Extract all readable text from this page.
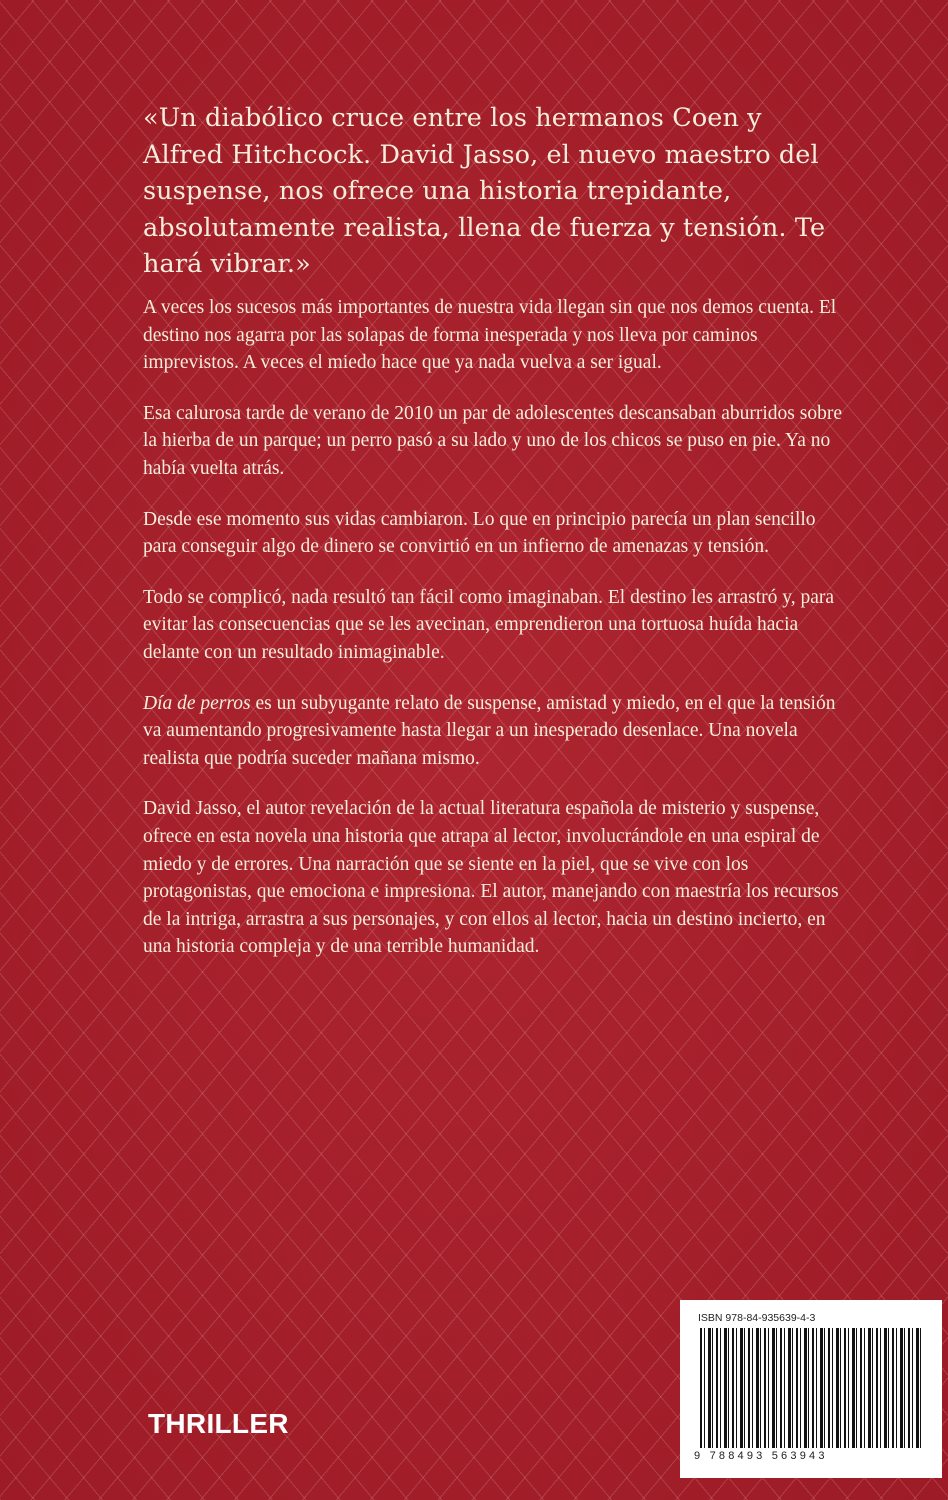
«Un diabólico cruce entre los hermanos Coen y Alfred Hitchcock. David Jasso, el nuevo maestro del suspense, nos ofrece una historia trepidante, absolutamente realista, llena de fuerza y tensión. Te hará vibrar.»

A veces los sucesos más importantes de nuestra vida llegan sin que nos demos cuenta. El destino nos agarra por las solapas de forma inesperada y nos lleva por caminos imprevistos. A veces el miedo hace que ya nada vuelva a ser igual.

Esa calurosa tarde de verano de 2010 un par de adolescentes descansaban aburridos sobre la hierba de un parque; un perro pasó a su lado y uno de los chicos se puso en pie. Ya no había vuelta atrás.

Desde ese momento sus vidas cambiaron. Lo que en principio parecía un plan sencillo para conseguir algo de dinero se convirtió en un infierno de amenazas y tensión.

Todo se complicó, nada resultó tan fácil como imaginaban. El destino les arrastró y, para evitar las consecuencias que se les avecinan, emprendieron una tortuosa huída hacia delante con un resultado inimaginable.

Día de perros es un subyugante relato de suspense, amistad y miedo, en el que la tensión va aumentando progresivamente hasta llegar a un inesperado desenlace. Una novela realista que podría suceder mañana mismo.

David Jasso, el autor revelación de la actual literatura española de misterio y suspense, ofrece en esta novela una historia que atrapa al lector, involucrándole en una espiral de miedo y de errores. Una narración que se siente en la piel, que se vive con los protagonistas, que emociona e impresiona. El autor, manejando con maestría los recursos de la intriga, arrastra a sus personajes, y con ellos al lector, hacia un destino incierto, en una historia compleja y de una terrible humanidad.

THRILLER
ISBN 978-84-935639-4-3
9 788493 563943
